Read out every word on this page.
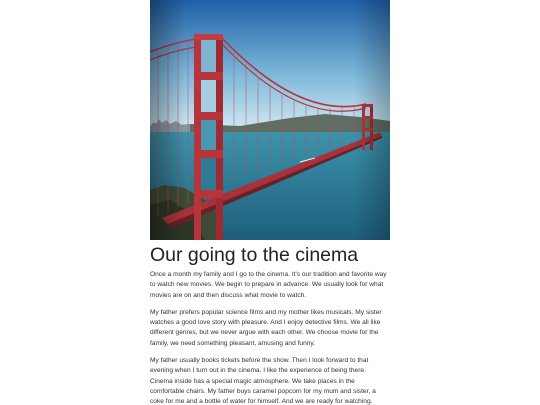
Our going to the cinema

Once a month my family and I go to the cinema. It's our tradition and favorite way to watch new movies. We begin to prepare in advance. We usually look for what movies are on and then discuss what movie to watch.

My father prefers popular science films and my mother likes musicals. My sister watches a good love story with pleasure. And I enjoy detective films. We all like different genres, but we never argue with each other. We choose movie for the family, we need something pleasant, amusing and funny.

My father usually books tickets before the show. Then I look forward to that evening when I turn out in the cinema. I like the experience of being there. Cinema inside has a special magic atmosphere. We take places in the comfortable chairs. My father buys caramel popcorn for my mum and sister, a coke for me and a bottle of water for himself. And we are ready for watching.
